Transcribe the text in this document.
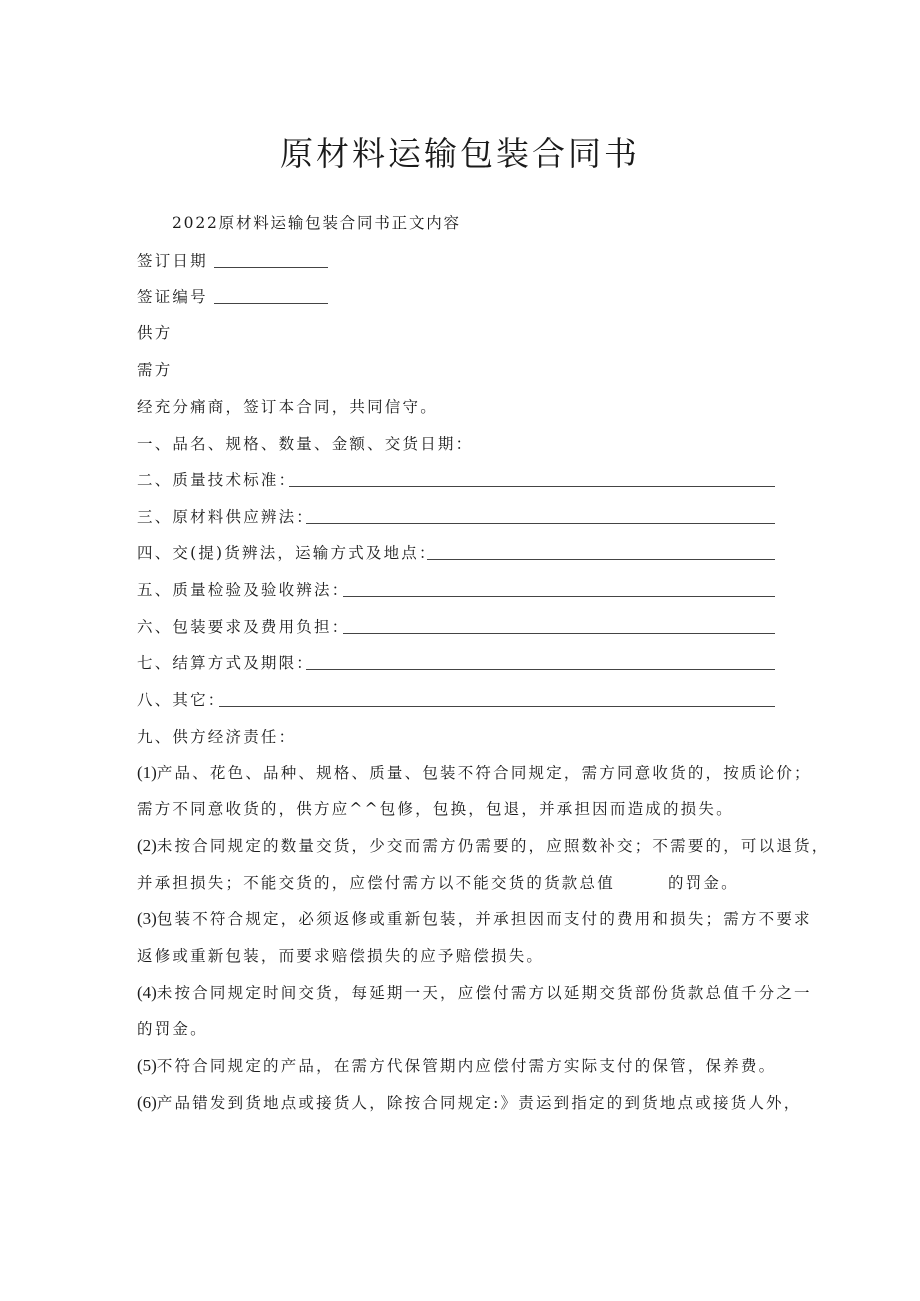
原材料运输包装合同书
2022原材料运输包装合同书正文内容
签订日期
签证编号
供方
需方
经充分痛商，签订本合同，共同信守。
一、品名、规格、数量、金额、交货日期：
二、质量技术标准：
三、原材料供应辨法：
四、交(提)货辨法，运输方式及地点：
五、质量检验及验收辨法：
六、包装要求及费用负担：
七、结算方式及期限：
八、其它：
九、供方经济责任：
(1)产品、花色、品种、规格、质量、包装不符合同规定，需方同意收货的，按质论价；
需方不同意收货的，供方应^^包修，包换，包退，并承担因而造成的损失。
(2)未按合同规定的数量交货，少交而需方仍需要的，应照数补交；不需要的，可以退货，
并承担损失；不能交货的，应偿付需方以不能交货的货款总值　　　的罚金。
(3)包装不符合规定，必须返修或重新包装，并承担因而支付的费用和损失；需方不要求
返修或重新包装，而要求赔偿损失的应予赔偿损失。
(4)未按合同规定时间交货，每延期一天，应偿付需方以延期交货部份货款总值千分之一
的罚金。
(5)不符合同规定的产品，在需方代保管期内应偿付需方实际支付的保管，保养费。
(6)产品错发到货地点或接货人，除按合同规定:》责运到指定的到货地点或接货人外，
